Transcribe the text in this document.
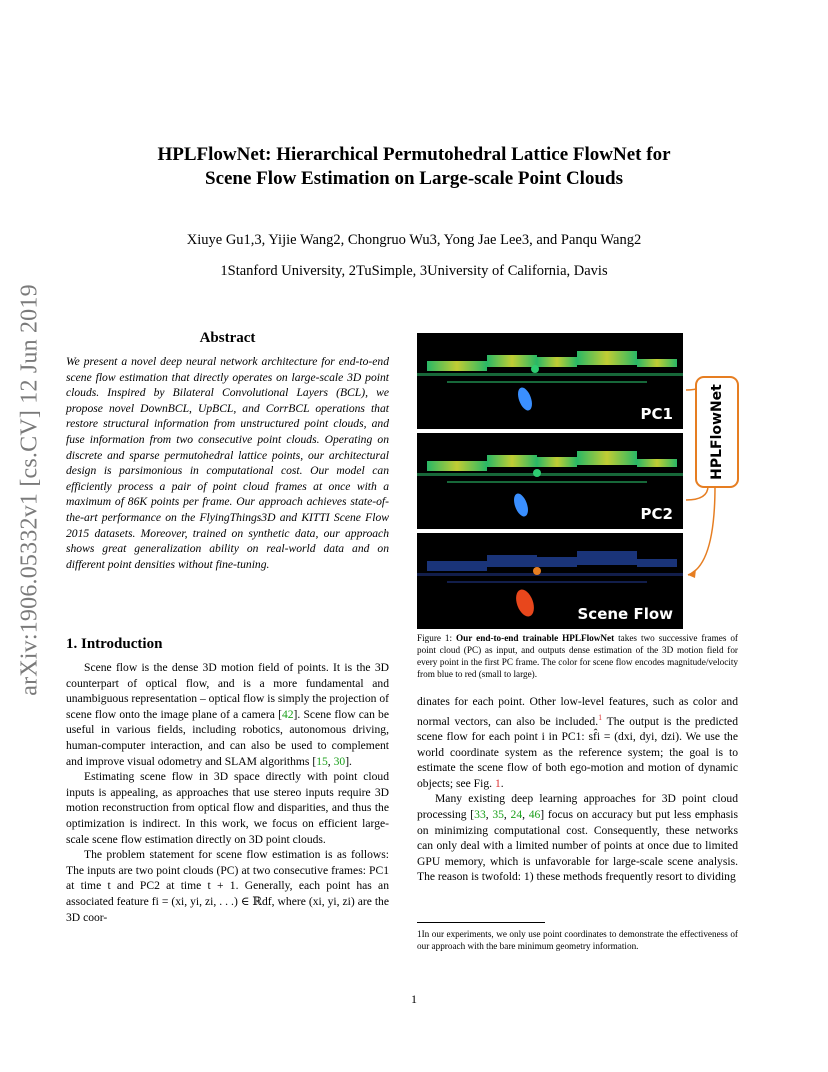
arXiv:1906.05332v1 [cs.CV] 12 Jun 2019
HPLFlowNet: Hierarchical Permutohedral Lattice FlowNet for
Scene Flow Estimation on Large-scale Point Clouds
Xiuye Gu1,3, Yijie Wang2, Chongruo Wu3, Yong Jae Lee3, and Panqu Wang2
1Stanford University, 2TuSimple, 3University of California, Davis
Abstract
We present a novel deep neural network architecture for end-to-end scene flow estimation that directly operates on large-scale 3D point clouds. Inspired by Bilateral Convolutional Layers (BCL), we propose novel DownBCL, UpBCL, and CorrBCL operations that restore structural information from unstructured point clouds, and fuse information from two consecutive point clouds. Operating on discrete and sparse permutohedral lattice points, our architectural design is parsimonious in computational cost. Our model can efficiently process a pair of point cloud frames at once with a maximum of 86K points per frame. Our approach achieves state-of-the-art performance on the FlyingThings3D and KITTI Scene Flow 2015 datasets. Moreover, trained on synthetic data, our approach shows great generalization ability on real-world data and on different point densities without fine-tuning.
1. Introduction

Scene flow is the dense 3D motion field of points. It is the 3D counterpart of optical flow, and is a more fundamental and unambiguous representation – optical flow is simply the projection of scene flow onto the image plane of a camera [42]. Scene flow can be useful in various fields, including robotics, autonomous driving, human-computer interaction, and can also be used to complement and improve visual odometry and SLAM algorithms [15, 30].

Estimating scene flow in 3D space directly with point cloud inputs is appealing, as approaches that use stereo inputs require 3D motion reconstruction from optical flow and disparities, and thus the optimization is indirect. In this work, we focus on efficient large-scale scene flow estimation directly on 3D point clouds.

The problem statement for scene flow estimation is as follows: The inputs are two point clouds (PC) at two consecutive frames: PC1 at time t and PC2 at time t + 1. Generally, each point has an associated feature fi = (xi, yi, zi, . . .) ∈ ℝdf, where (xi, yi, zi) are the 3D coor-

PC1
PC2
Scene Flow
HPLFlowNet
Figure 1: Our end-to-end trainable HPLFlowNet takes two successive frames of point cloud (PC) as input, and outputs dense estimation of the 3D motion field for every point in the first PC frame. The color for scene flow encodes magnitude/velocity from blue to red (small to large).

dinates for each point. Other low-level features, such as color and normal vectors, can also be included.$^1$ The output is the predicted scene flow for each point i in PC1: sf̂i = (dxi, dyi, dzi). We use the world coordinate system as the reference system; the goal is to estimate the scene flow of both ego-motion and motion of dynamic objects; see Fig. 1.

Many existing deep learning approaches for 3D point cloud processing [33, 35, 24, 46] focus on accuracy but put less emphasis on minimizing computational cost. Consequently, these networks can only deal with a limited number of points at once due to limited GPU memory, which is unfavorable for large-scale scene analysis. The reason is twofold: 1) these methods frequently resort to dividing

1In our experiments, we only use point coordinates to demonstrate the effectiveness of our approach with the bare minimum geometry information.
1
